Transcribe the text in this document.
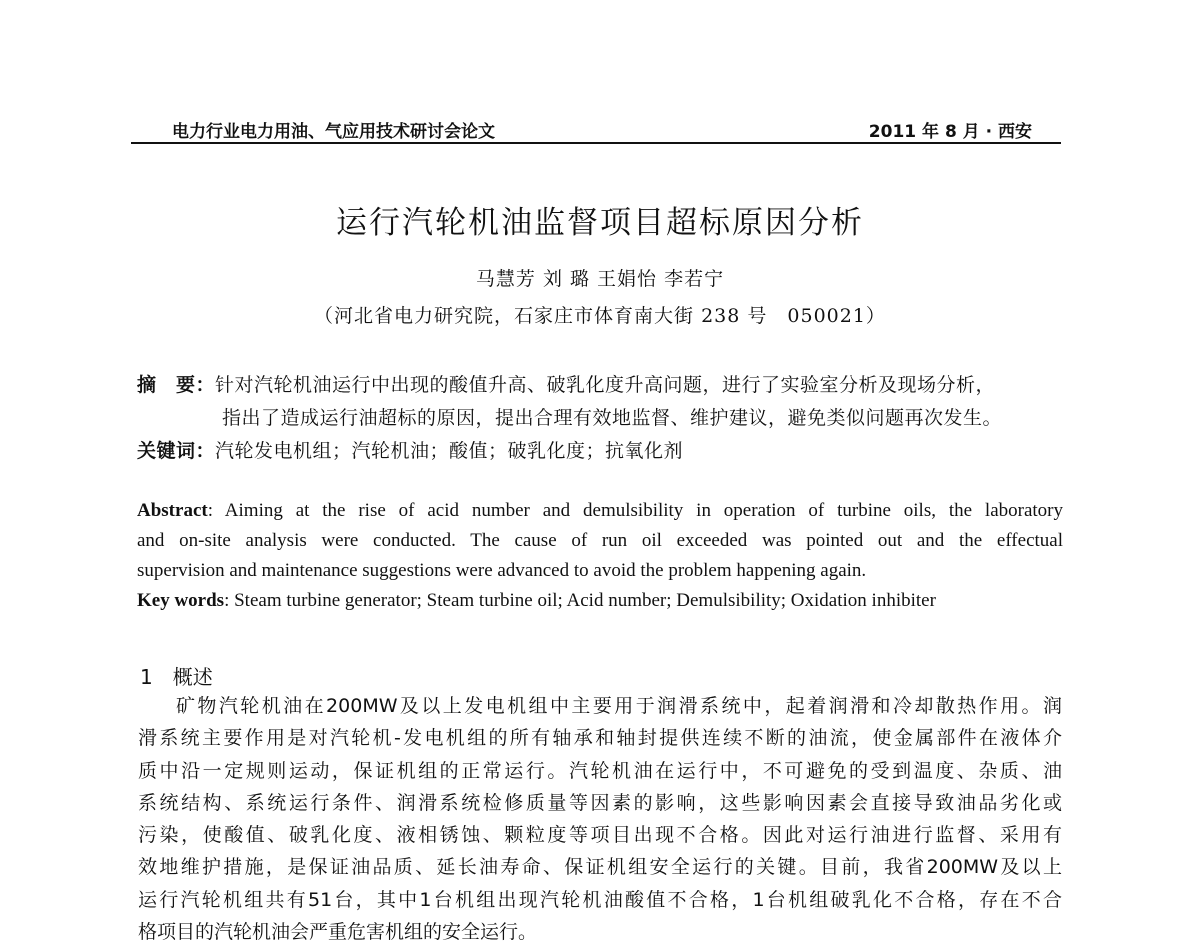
电力行业电力用油、气应用技术研讨会论文	2011 年 8 月 · 西安
运行汽轮机油监督项目超标原因分析
马慧芳 刘 璐 王娟怡 李若宁
（河北省电力研究院，石家庄市体育南大街 238 号　050021）
摘　要：针对汽轮机油运行中出现的酸值升高、破乳化度升高问题，进行了实验室分析及现场分析，
指出了造成运行油超标的原因，提出合理有效地监督、维护建议，避免类似问题再次发生。
关键词：汽轮发电机组；汽轮机油；酸值；破乳化度；抗氧化剂
Abstract: Aiming at the rise of acid number and demulsibility in operation of turbine oils, the laboratory
and on-site analysis were conducted. The cause of run oil exceeded was pointed out and the effectual
supervision and maintenance suggestions were advanced to avoid the problem happening again.
Key words: Steam turbine generator; Steam turbine oil; Acid number; Demulsibility; Oxidation inhibiter
1　概述
矿物汽轮机油在200MW及以上发电机组中主要用于润滑系统中，起着润滑和冷却散热作用。润
滑系统主要作用是对汽轮机-发电机组的所有轴承和轴封提供连续不断的油流，使金属部件在液体介
质中沿一定规则运动，保证机组的正常运行。汽轮机油在运行中，不可避免的受到温度、杂质、油
系统结构、系统运行条件、润滑系统检修质量等因素的影响，这些影响因素会直接导致油品劣化或
污染，使酸值、破乳化度、液相锈蚀、颗粒度等项目出现不合格。因此对运行油进行监督、采用有
效地维护措施，是保证油品质、延长油寿命、保证机组安全运行的关键。目前，我省200MW及以上
运行汽轮机组共有51台，其中1台机组出现汽轮机油酸值不合格，1台机组破乳化不合格，存在不合
格项目的汽轮机油会严重危害机组的安全运行。
